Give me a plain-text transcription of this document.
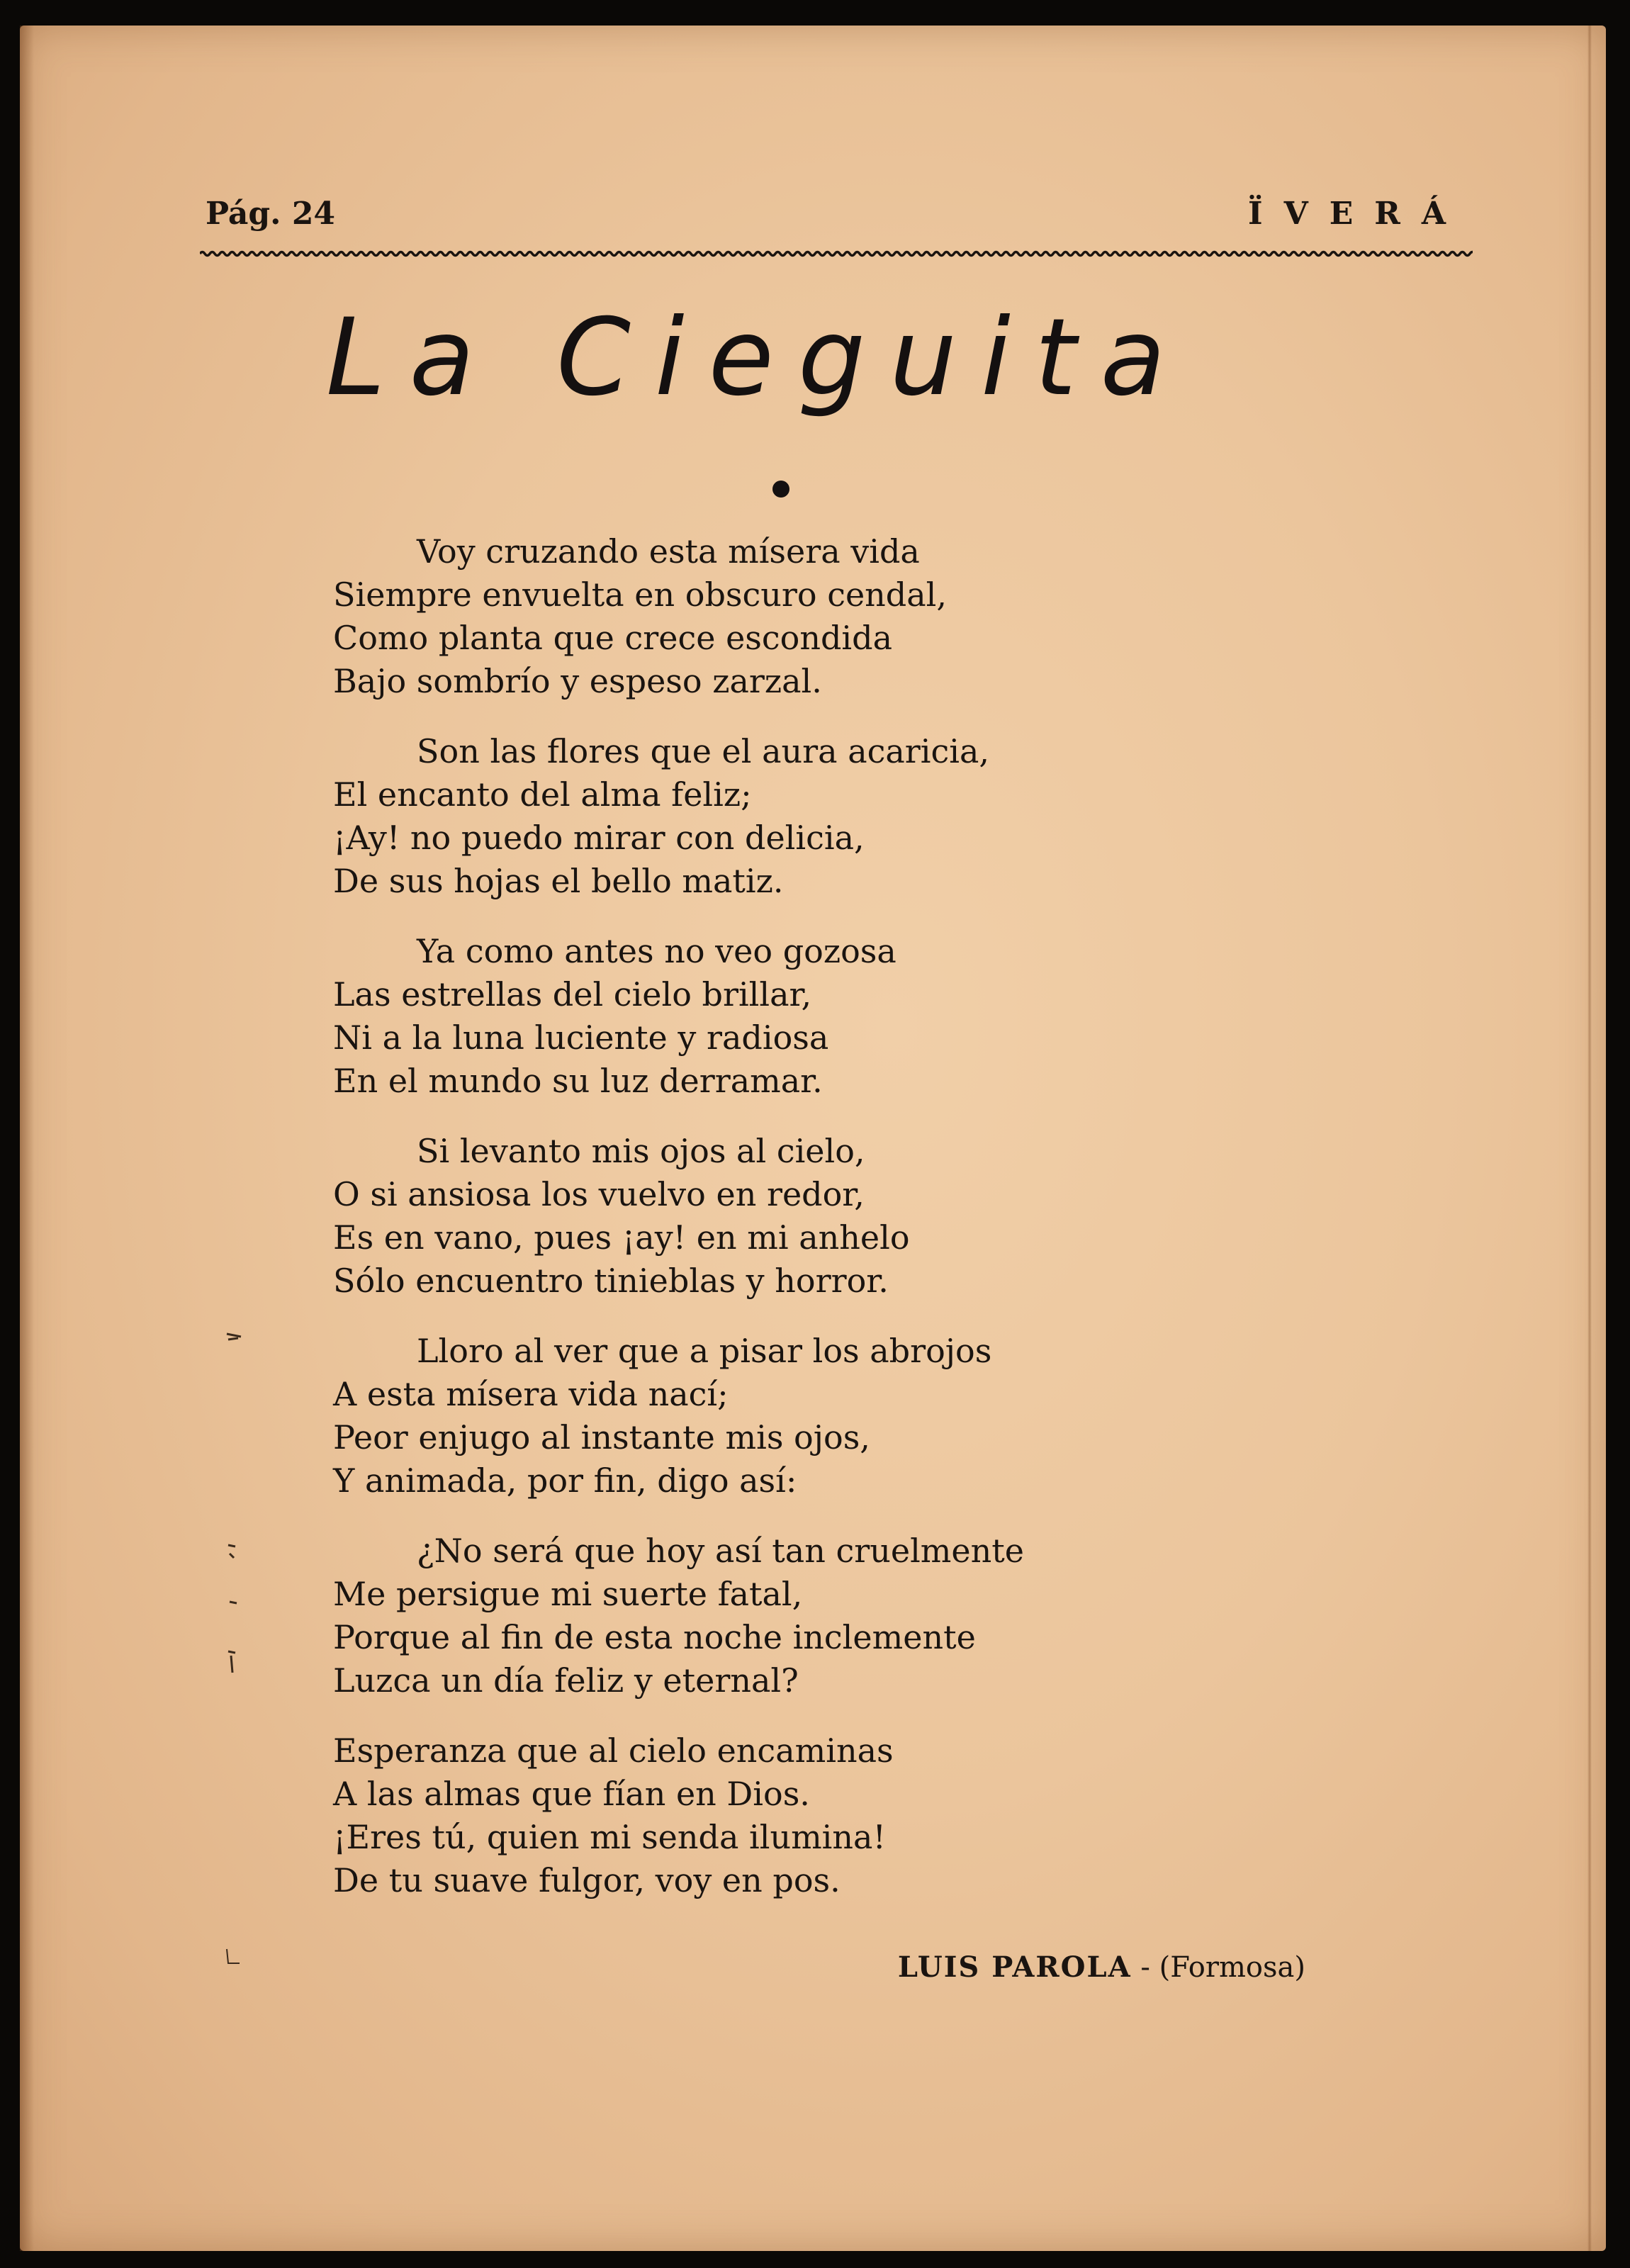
Pág. 24	ÏVERÁ
La Cieguita
Voy cruzando esta mísera vida
Siempre envuelta en obscuro cendal,
Como planta que crece escondida
Bajo sombrío y espeso zarzal.
Son las flores que el aura acaricia,
El encanto del alma feliz;
¡Ay! no puedo mirar con delicia,
De sus hojas el bello matiz.
Ya como antes no veo gozosa
Las estrellas del cielo brillar,
Ni a la luna luciente y radiosa
En el mundo su luz derramar.
Si levanto mis ojos al cielo,
O si ansiosa los vuelvo en redor,
Es en vano, pues ¡ay! en mi anhelo
Sólo encuentro tinieblas y horror.
Lloro al ver que a pisar los abrojos
A esta mísera vida nací;
Peor enjugo al instante mis ojos,
Y animada, por fin, digo así:
¿No será que hoy así tan cruelmente
Me persigue mi suerte fatal,
Porque al fin de esta noche inclemente
Luzca un día feliz y eternal?
Esperanza que al cielo encaminas
A las almas que fían en Dios.
¡Eres tú, quien mi senda ilumina!
De tu suave fulgor, voy en pos.
LUIS PAROLA - (Formosa)
